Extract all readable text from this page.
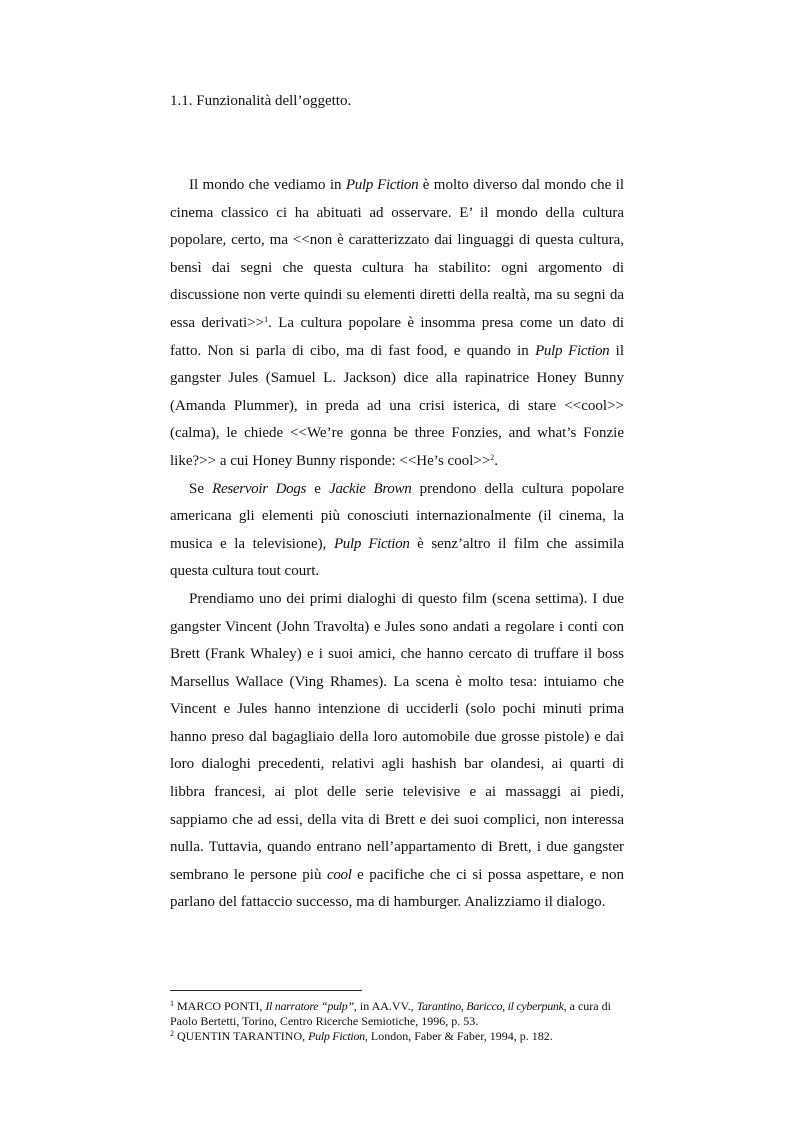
1.1. Funzionalità dell’oggetto.

Il mondo che vediamo in Pulp Fiction è molto diverso dal mondo che il cinema classico ci ha abituati ad osservare. E’ il mondo della cultura popolare, certo, ma <<non è caratterizzato dai linguaggi di questa cultura, bensì dai segni che questa cultura ha stabilito: ogni argomento di discussione non verte quindi su elementi diretti della realtà, ma su segni da essa derivati>>$^1$. La cultura popolare è insomma presa come un dato di fatto. Non si parla di cibo, ma di fast food, e quando in Pulp Fiction il gangster Jules (Samuel L. Jackson) dice alla rapinatrice Honey Bunny (Amanda Plummer), in preda ad una crisi isterica, di stare <<cool>> (calma), le chiede <<We’re gonna be three Fonzies, and what’s Fonzie like?>> a cui Honey Bunny risponde: <<He’s cool>>$^2$.

Se Reservoir Dogs e Jackie Brown prendono della cultura popolare americana gli elementi più conosciuti internazionalmente (il cinema, la musica e la televisione), Pulp Fiction è senz’altro il film che assimila questa cultura tout court.

Prendiamo uno dei primi dialoghi di questo film (scena settima). I due gangster Vincent (John Travolta) e Jules sono andati a regolare i conti con Brett (Frank Whaley) e i suoi amici, che hanno cercato di truffare il boss Marsellus Wallace (Ving Rhames). La scena è molto tesa: intuiamo che Vincent e Jules hanno intenzione di ucciderli (solo pochi minuti prima hanno preso dal bagagliaio della loro automobile due grosse pistole) e dai loro dialoghi precedenti, relativi agli hashish bar olandesi, ai quarti di libbra francesi, ai plot delle serie televisive e ai massaggi ai piedi, sappiamo che ad essi, della vita di Brett e dei suoi complici, non interessa nulla. Tuttavia, quando entrano nell’appartamento di Brett, i due gangster sembrano le persone più cool e pacifiche che ci si possa aspettare, e non parlano del fattaccio successo, ma di hamburger. Analizziamo il dialogo.

$^1$ MARCO PONTI, Il narratore “pulp”, in AA.VV., Tarantino, Baricco, il cyberpunk, a cura di Paolo Bertetti, Torino, Centro Ricerche Semiotiche, 1996, p. 53.

$^2$ QUENTIN TARANTINO, Pulp Fiction, London, Faber & Faber, 1994, p. 182.
